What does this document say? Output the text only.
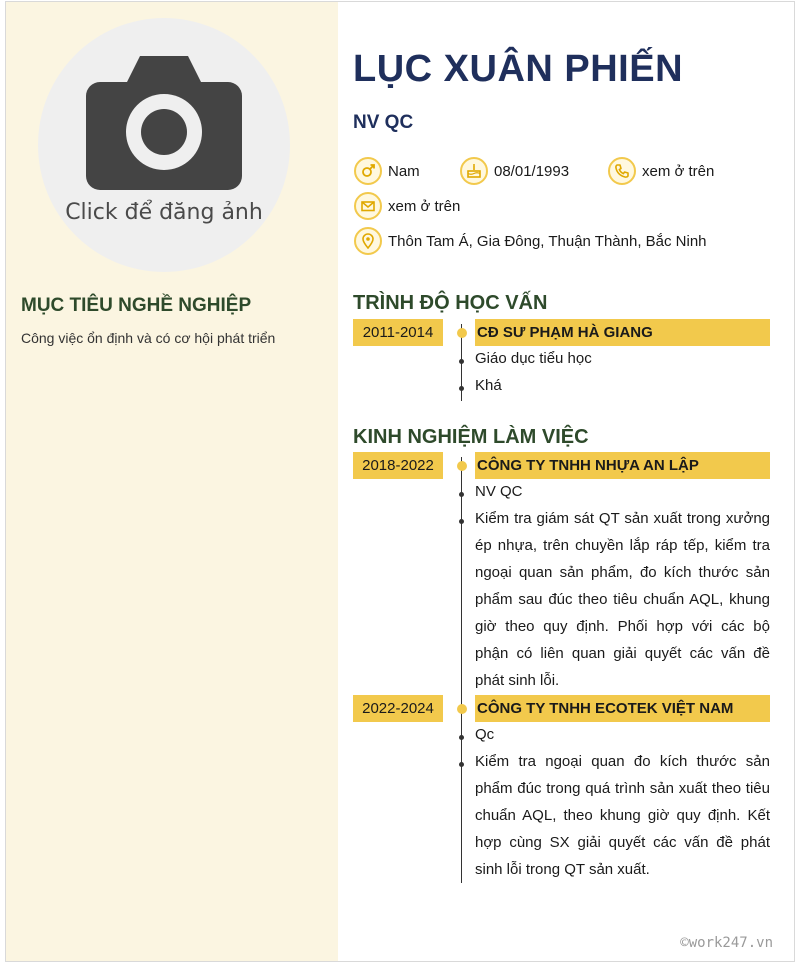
Click để đăng ảnh
MỤC TIÊU NGHỀ NGHIỆP
Công việc ổn định và có cơ hội phát triển
LỤC XUÂN PHIẾN
NV QC
Nam	08/01/1993	xem ở trên
xem ở trên
Thôn Tam Á, Gia Đông, Thuận Thành, Bắc Ninh
TRÌNH ĐỘ HỌC VẤN
2011-2014	CĐ SƯ PHẠM HÀ GIANG
Giáo dục tiểu học
Khá
KINH NGHIỆM LÀM VIỆC
2018-2022	CÔNG TY TNHH NHỰA AN LẬP
NV QC
Kiểm tra giám sát QT sản xuất trong xưởng ép nhựa, trên chuyền lắp ráp tếp, kiểm tra ngoại quan sản phẩm, đo kích thước sản phẩm sau đúc theo tiêu chuẩn AQL, khung giờ theo quy định. Phối hợp với các bộ phận có liên quan giải quyết các vấn đề phát sinh lỗi.
2022-2024	CÔNG TY TNHH ECOTEK VIỆT NAM
Qc
Kiểm tra ngoại quan đo kích thước sản phẩm đúc trong quá trình sản xuất theo tiêu chuẩn AQL, theo khung giờ quy định. Kết hợp cùng SX giải quyết các vấn đề phát sinh lỗi trong QT sản xuất.
©work247.vn
